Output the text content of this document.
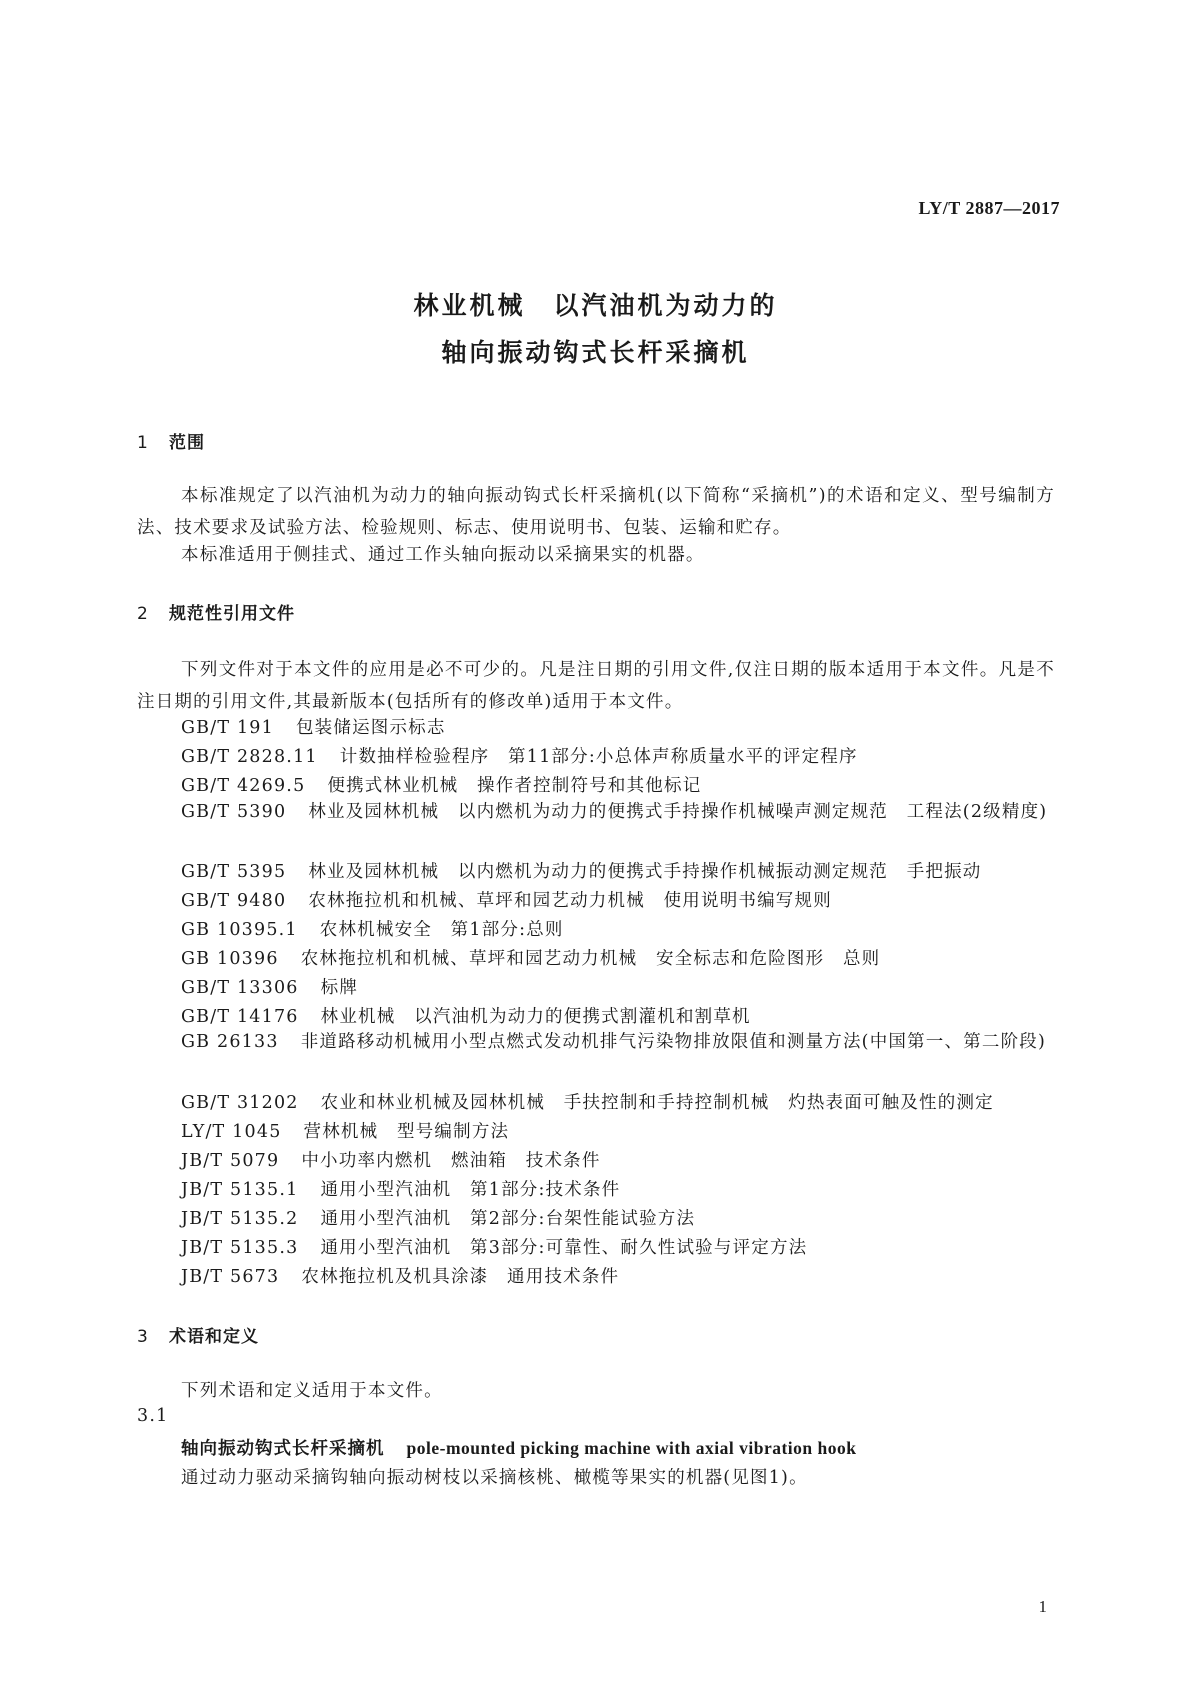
LY/T 2887—2017
林业机械　以汽油机为动力的
轴向振动钩式长杆采摘机
1 范围
本标准规定了以汽油机为动力的轴向振动钩式长杆采摘机(以下简称“采摘机”)的术语和定义、型号编制方法、技术要求及试验方法、检验规则、标志、使用说明书、包装、运输和贮存。
本标准适用于侧挂式、通过工作头轴向振动以采摘果实的机器。
2 规范性引用文件
下列文件对于本文件的应用是必不可少的。凡是注日期的引用文件,仅注日期的版本适用于本文件。凡是不注日期的引用文件,其最新版本(包括所有的修改单)适用于本文件。
GB/T 191 包装储运图示标志
GB/T 2828.11 计数抽样检验程序　第11部分:小总体声称质量水平的评定程序
GB/T 4269.5 便携式林业机械　操作者控制符号和其他标记
GB/T 5390 林业及园林机械　以内燃机为动力的便携式手持操作机械噪声测定规范　工程法(2级精度)
GB/T 5395 林业及园林机械　以内燃机为动力的便携式手持操作机械振动测定规范　手把振动
GB/T 9480 农林拖拉机和机械、草坪和园艺动力机械　使用说明书编写规则
GB 10395.1 农林机械安全　第1部分:总则
GB 10396 农林拖拉机和机械、草坪和园艺动力机械　安全标志和危险图形　总则
GB/T 13306 标牌
GB/T 14176 林业机械　以汽油机为动力的便携式割灌机和割草机
GB 26133 非道路移动机械用小型点燃式发动机排气污染物排放限值和测量方法(中国第一、第二阶段)
GB/T 31202 农业和林业机械及园林机械　手扶控制和手持控制机械　灼热表面可触及性的测定
LY/T 1045 营林机械　型号编制方法
JB/T 5079 中小功率内燃机　燃油箱　技术条件
JB/T 5135.1 通用小型汽油机　第1部分:技术条件
JB/T 5135.2 通用小型汽油机　第2部分:台架性能试验方法
JB/T 5135.3 通用小型汽油机　第3部分:可靠性、耐久性试验与评定方法
JB/T 5673 农林拖拉机及机具涂漆　通用技术条件
3 术语和定义
下列术语和定义适用于本文件。
3.1
轴向振动钩式长杆采摘机 pole-mounted picking machine with axial vibration hook
通过动力驱动采摘钩轴向振动树枝以采摘核桃、橄榄等果实的机器(见图1)。
1
